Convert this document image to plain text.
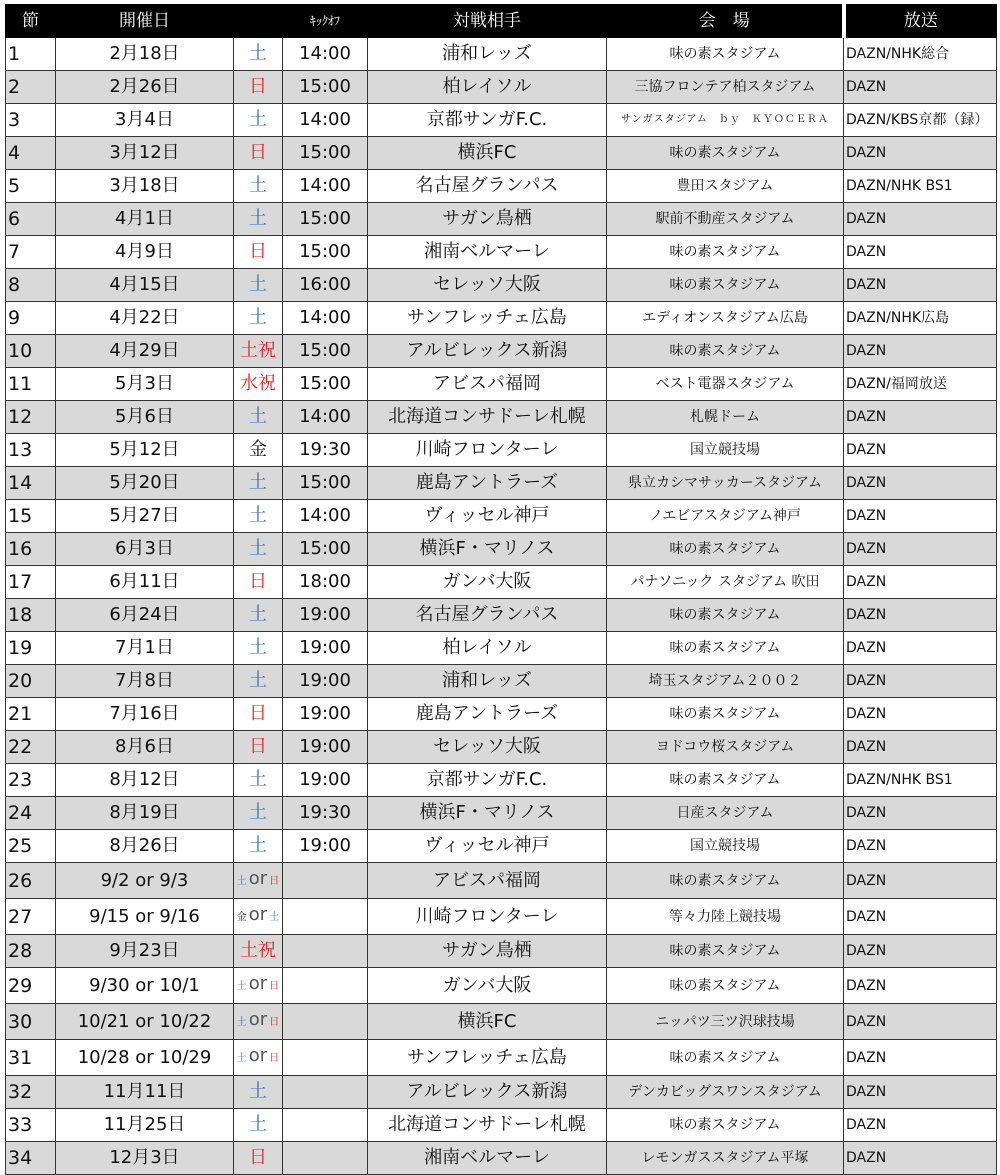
節	開催日		ｷｯｸｵﾌ	対戦相手	会　場	放送
1	2月18日	土	14:00	浦和レッズ	味の素スタジアム	DAZN/NHK総合
2	2月26日	日	15:00	柏レイソル	三協フロンテア柏スタジアム	DAZN
3	3月4日	土	14:00	京都サンガF.C.	サンガスタジアム　ｂｙ　ＫＹＯＣＥＲＡ	DAZN/KBS京都（録）
4	3月12日	日	15:00	横浜FC	味の素スタジアム	DAZN
5	3月18日	土	14:00	名古屋グランパス	豊田スタジアム	DAZN/NHK BS1
6	4月1日	土	15:00	サガン鳥栖	駅前不動産スタジアム	DAZN
7	4月9日	日	15:00	湘南ベルマーレ	味の素スタジアム	DAZN
8	4月15日	土	16:00	セレッソ大阪	味の素スタジアム	DAZN
9	4月22日	土	14:00	サンフレッチェ広島	エディオンスタジアム広島	DAZN/NHK広島
10	4月29日	土祝	15:00	アルビレックス新潟	味の素スタジアム	DAZN
11	5月3日	水祝	15:00	アビスパ福岡	ベスト電器スタジアム	DAZN/福岡放送
12	5月6日	土	14:00	北海道コンサドーレ札幌	札幌ドーム	DAZN
13	5月12日	金	19:30	川崎フロンターレ	国立競技場	DAZN
14	5月20日	土	15:00	鹿島アントラーズ	県立カシマサッカースタジアム	DAZN
15	5月27日	土	14:00	ヴィッセル神戸	ノエビアスタジアム神戸	DAZN
16	6月3日	土	15:00	横浜F・マリノス	味の素スタジアム	DAZN
17	6月11日	日	18:00	ガンバ大阪	パナソニック スタジアム 吹田	DAZN
18	6月24日	土	19:00	名古屋グランパス	味の素スタジアム	DAZN
19	7月1日	土	19:00	柏レイソル	味の素スタジアム	DAZN
20	7月8日	土	19:00	浦和レッズ	埼玉スタジアム２００２	DAZN
21	7月16日	日	19:00	鹿島アントラーズ	味の素スタジアム	DAZN
22	8月6日	日	19:00	セレッソ大阪	ヨドコウ桜スタジアム	DAZN
23	8月12日	土	19:00	京都サンガF.C.	味の素スタジアム	DAZN/NHK BS1
24	8月19日	土	19:30	横浜F・マリノス	日産スタジアム	DAZN
25	8月26日	土	19:00	ヴィッセル神戸	国立競技場	DAZN
26	9/2 or 9/3	土 or 日		アビスパ福岡	味の素スタジアム	DAZN
27	9/15 or 9/16	金 or 土		川崎フロンターレ	等々力陸上競技場	DAZN
28	9月23日	土祝		サガン鳥栖	味の素スタジアム	DAZN
29	9/30 or 10/1	土 or 日		ガンバ大阪	味の素スタジアム	DAZN
30	10/21 or 10/22	土 or 日		横浜FC	ニッパツ三ツ沢球技場	DAZN
31	10/28 or 10/29	土 or 日		サンフレッチェ広島	味の素スタジアム	DAZN
32	11月11日	土		アルビレックス新潟	デンカビッグスワンスタジアム	DAZN
33	11月25日	土		北海道コンサドーレ札幌	味の素スタジアム	DAZN
34	12月3日	日		湘南ベルマーレ	レモンガススタジアム平塚	DAZN
